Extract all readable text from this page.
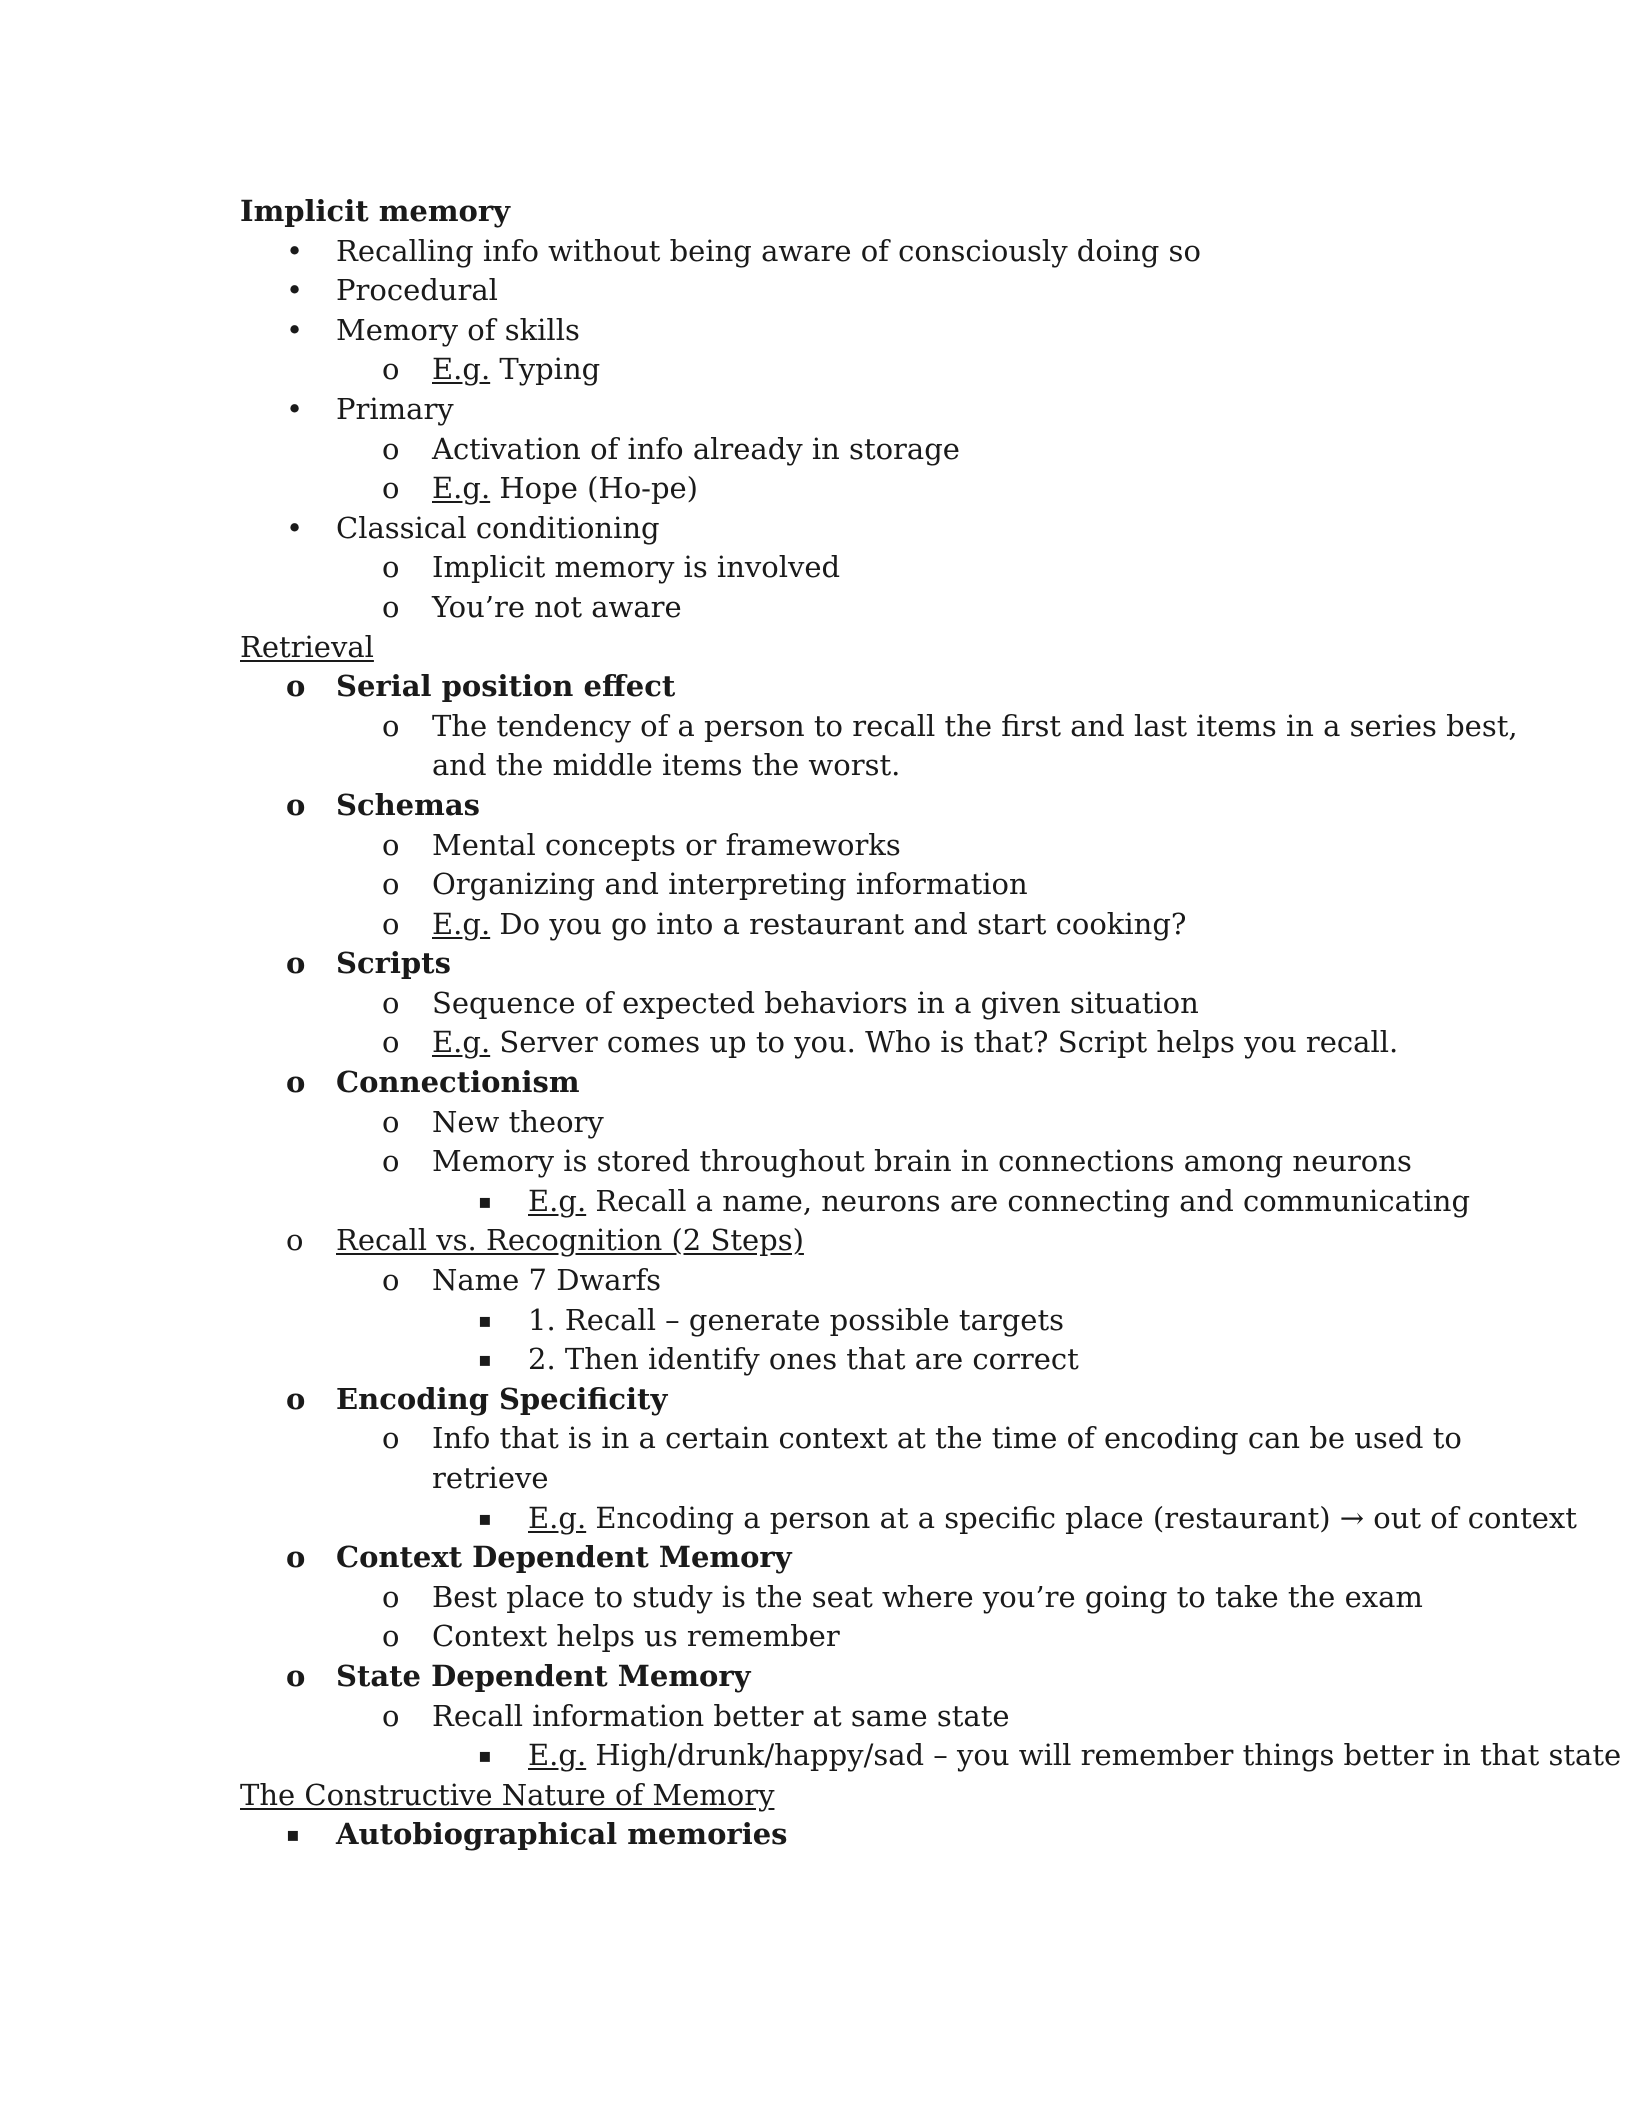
Implicit memory
• Recalling info without being aware of consciously doing so
• Procedural
• Memory of skills
o E.g. Typing
• Primary
o Activation of info already in storage
o E.g. Hope (Ho-pe)
• Classical conditioning
o Implicit memory is involved
o You’re not aware
Retrieval
o Serial position effect
o The tendency of a person to recall the first and last items in a series best, and the middle items the worst.
o Schemas
o Mental concepts or frameworks
o Organizing and interpreting information
o E.g. Do you go into a restaurant and start cooking?
o Scripts
o Sequence of expected behaviors in a given situation
o E.g. Server comes up to you. Who is that? Script helps you recall.
o Connectionism
o New theory
o Memory is stored throughout brain in connections among neurons
▪ E.g. Recall a name, neurons are connecting and communicating
o Recall vs. Recognition (2 Steps)
o Name 7 Dwarfs
▪ 1. Recall – generate possible targets
▪ 2. Then identify ones that are correct
o Encoding Specificity
o Info that is in a certain context at the time of encoding can be used to retrieve
▪ E.g. Encoding a person at a specific place (restaurant) → out of context
o Context Dependent Memory
o Best place to study is the seat where you’re going to take the exam
o Context helps us remember
o State Dependent Memory
o Recall information better at same state
▪ E.g. High/drunk/happy/sad – you will remember things better in that state
The Constructive Nature of Memory
▪ Autobiographical memories
